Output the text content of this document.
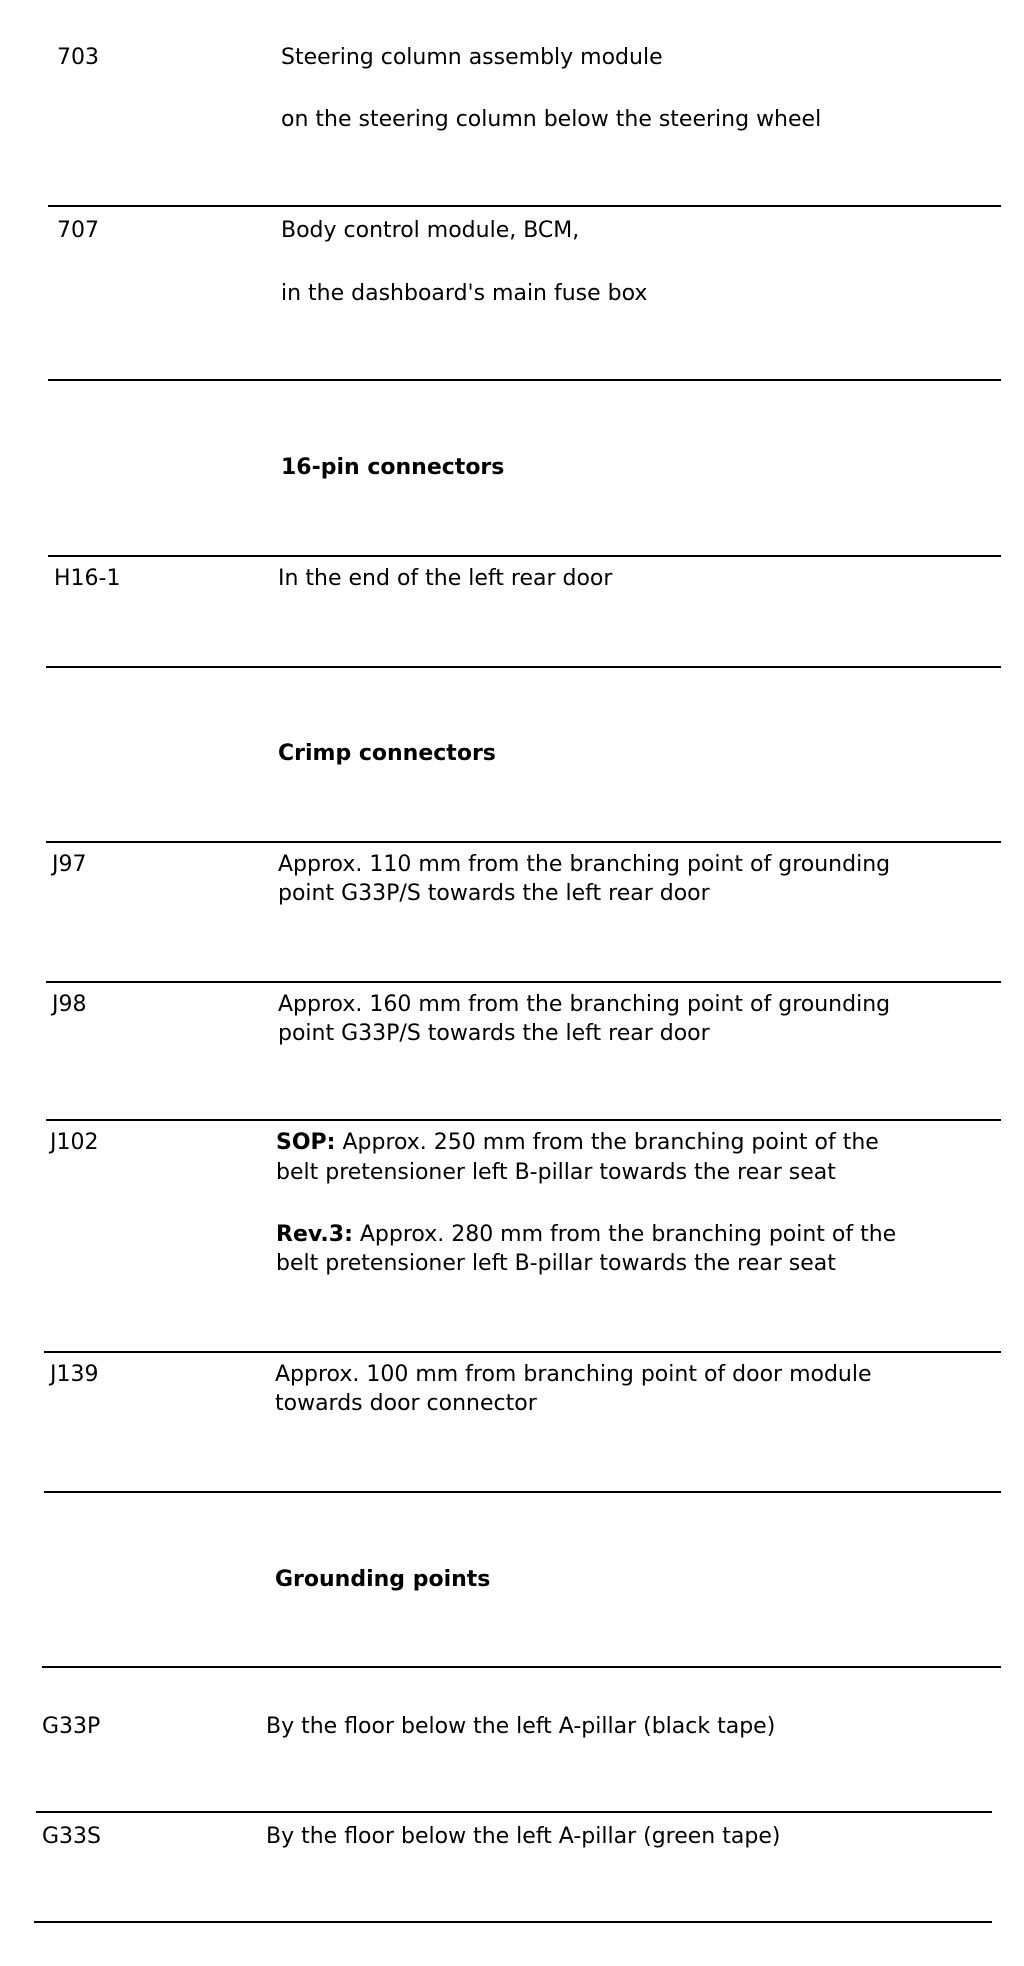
703	Steering column assembly module
on the steering column below the steering wheel
707	Body control module, BCM,
in the dashboard's main fuse box
16-pin connectors
H16-1	In the end of the left rear door
Crimp connectors
J97	Approx. 110 mm from the branching point of grounding
point G33P/S towards the left rear door
J98	Approx. 160 mm from the branching point of grounding
point G33P/S towards the left rear door
J102	SOP: Approx. 250 mm from the branching point of the
belt pretensioner left B-pillar towards the rear seat
Rev.3: Approx. 280 mm from the branching point of the
belt pretensioner left B-pillar towards the rear seat
J139	Approx. 100 mm from branching point of door module
towards door connector
Grounding points
G33P	By the floor below the left A-pillar (black tape)
G33S	By the floor below the left A-pillar (green tape)
